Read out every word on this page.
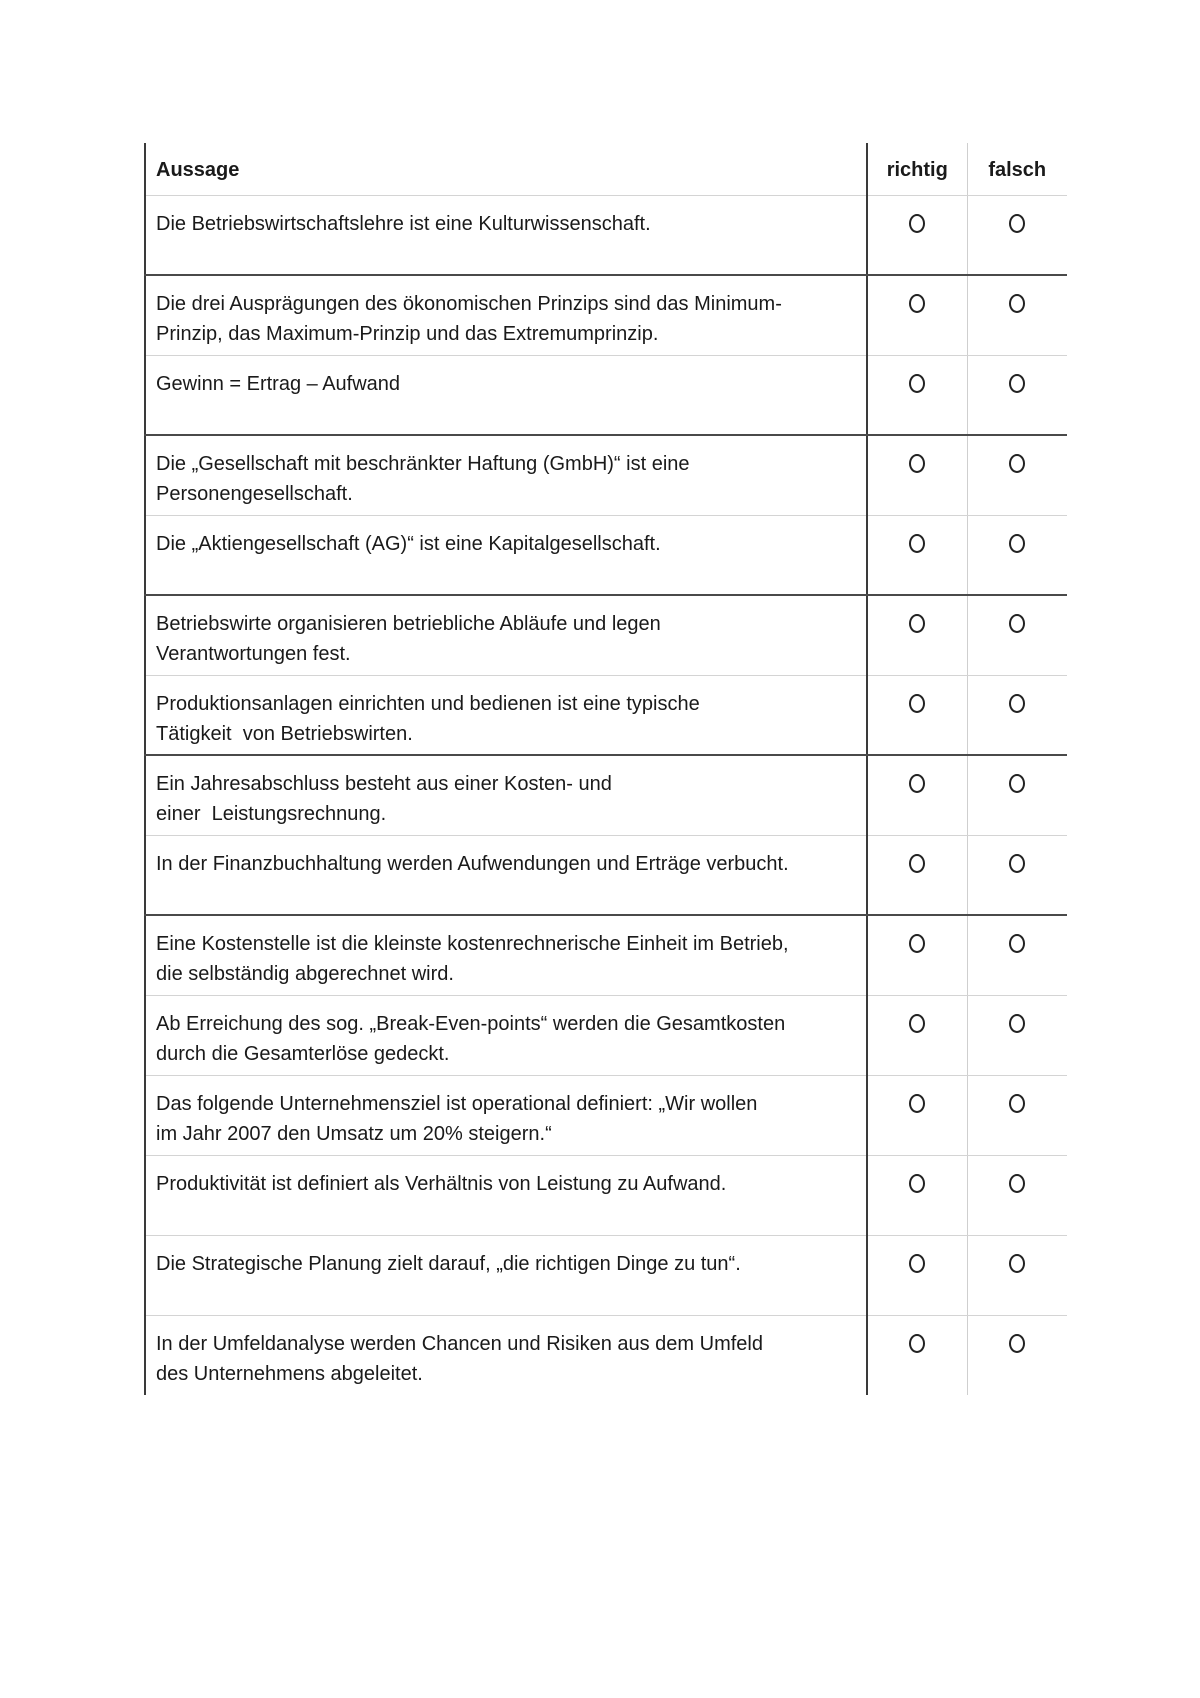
Aussage	richtig	falsch

Die Betriebswirtschaftslehre ist eine Kulturwissenschaft.		

Die drei Ausprägungen des ökonomischen Prinzips sind das Minimum-
Prinzip, das Maximum-Prinzip und das Extremumprinzip.		

Gewinn = Ertrag – Aufwand		

Die „Gesellschaft mit beschränkter Haftung (GmbH)“ ist eine
Personengesellschaft.		

Die „Aktiengesellschaft (AG)“ ist eine Kapitalgesellschaft.		

Betriebswirte organisieren betriebliche Abläufe und legen
Verantwortungen fest.		

Produktionsanlagen einrichten und bedienen ist eine typische
Tätigkeit  von Betriebswirten.		

Ein Jahresabschluss besteht aus einer Kosten- und
einer  Leistungsrechnung.		

In der Finanzbuchhaltung werden Aufwendungen und Erträge verbucht.		

Eine Kostenstelle ist die kleinste kostenrechnerische Einheit im Betrieb,
die selbständig abgerechnet wird.		

Ab Erreichung des sog. „Break-Even-points“ werden die Gesamtkosten
durch die Gesamterlöse gedeckt.		

Das folgende Unternehmensziel ist operational definiert: „Wir wollen
im Jahr 2007 den Umsatz um 20% steigern.“		

Produktivität ist definiert als Verhältnis von Leistung zu Aufwand.		

Die Strategische Planung zielt darauf, „die richtigen Dinge zu tun“.		

In der Umfeldanalyse werden Chancen und Risiken aus dem Umfeld
des Unternehmens abgeleitet.		
